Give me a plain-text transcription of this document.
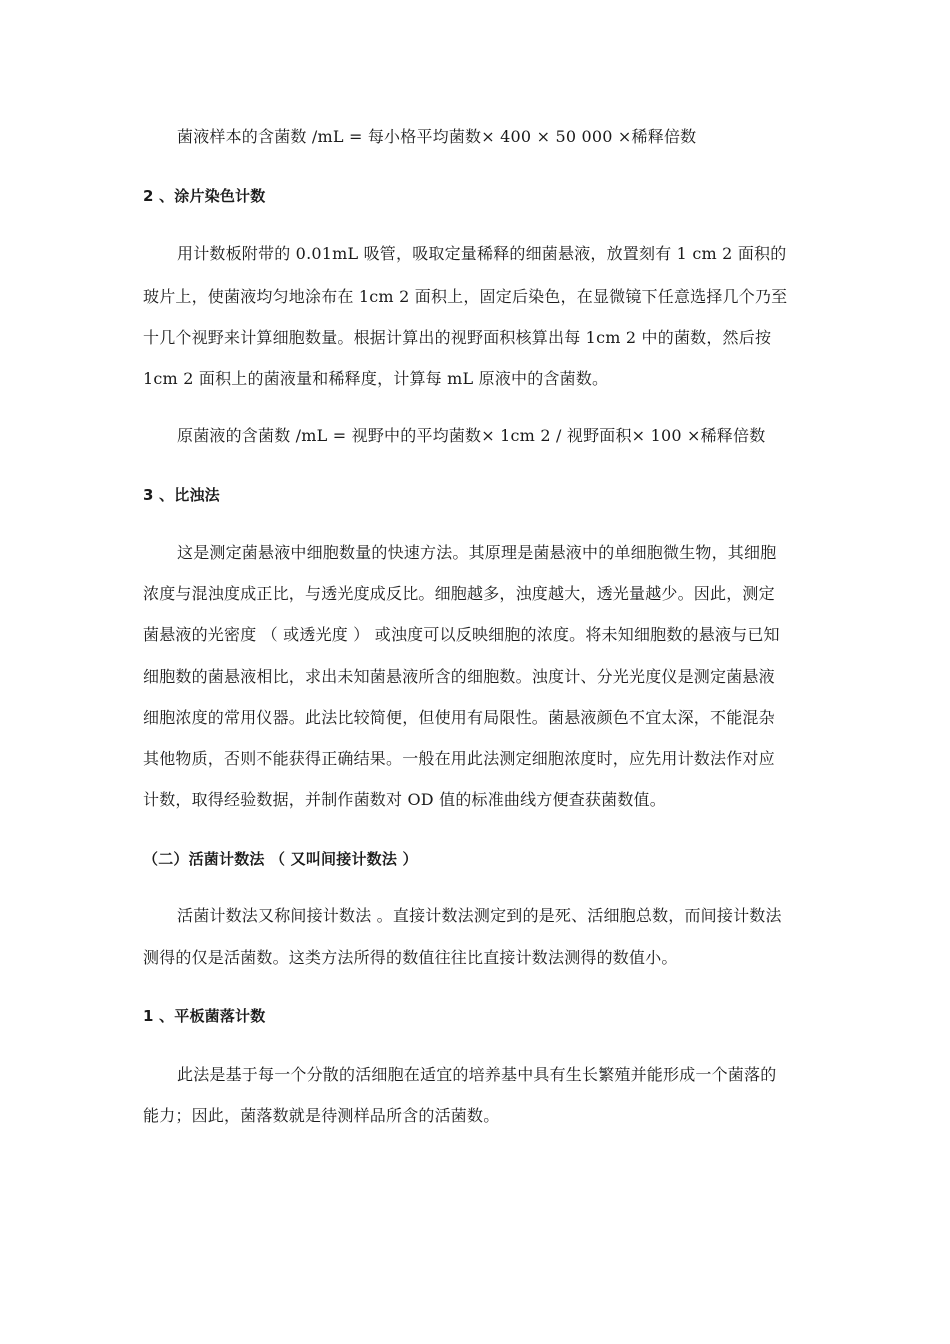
菌液样本的含菌数 /mL = 每小格平均菌数× 400 × 50 000 ×稀释倍数
2 、涂片染色计数
用计数板附带的 0.01mL 吸管，吸取定量稀释的细菌悬液，放置刻有 1 cm 2 面积的
玻片上，使菌液均匀地涂布在 1cm 2 面积上，固定后染色，在显微镜下任意选择几个乃至
十几个视野来计算细胞数量。根据计算出的视野面积核算出每 1cm 2 中的菌数，然后按
1cm 2 面积上的菌液量和稀释度，计算每 mL 原液中的含菌数。
原菌液的含菌数 /mL = 视野中的平均菌数× 1cm 2 / 视野面积× 100 ×稀释倍数
3 、比浊法
这是测定菌悬液中细胞数量的快速方法。其原理是菌悬液中的单细胞微生物，其细胞
浓度与混浊度成正比，与透光度成反比。细胞越多，浊度越大，透光量越少。因此，测定
菌悬液的光密度 （ 或透光度 ） 或浊度可以反映细胞的浓度。将未知细胞数的悬液与已知
细胞数的菌悬液相比，求出未知菌悬液所含的细胞数。浊度计、分光光度仪是测定菌悬液
细胞浓度的常用仪器。此法比较简便，但使用有局限性。菌悬液颜色不宜太深，不能混杂
其他物质，否则不能获得正确结果。一般在用此法测定细胞浓度时，应先用计数法作对应
计数，取得经验数据，并制作菌数对 OD 值的标准曲线方便查获菌数值。
（二）活菌计数法 （ 又叫间接计数法 ）
活菌计数法又称间接计数法 。直接计数法测定到的是死、活细胞总数，而间接计数法
测得的仅是活菌数。这类方法所得的数值往往比直接计数法测得的数值小。
1 、平板菌落计数
此法是基于每一个分散的活细胞在适宜的培养基中具有生长繁殖并能形成一个菌落的
能力；因此，菌落数就是待测样品所含的活菌数。
